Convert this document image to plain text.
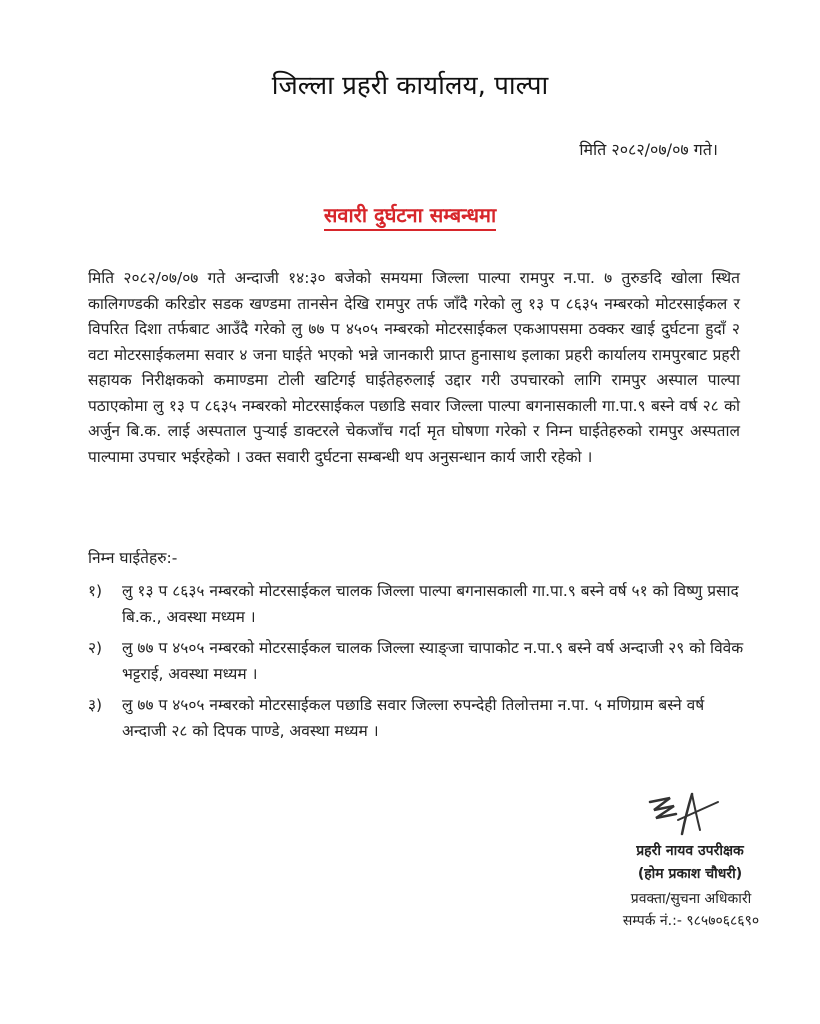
जिल्ला प्रहरी कार्यालय, पाल्पा
मिति २०८२/०७/०७ गते।
सवारी दुर्घटना सम्बन्धमा
मिति २०८२/०७/०७ गते अन्दाजी १४:३० बजेको समयमा जिल्ला पाल्पा रामपुर न.पा. ७ तुरुङदि खोला स्थित कालिगण्डकी करिडोर सडक खण्डमा तानसेन देखि रामपुर तर्फ जाँदै गरेको लु १३ प ८६३५ नम्बरको मोटरसाईकल र विपरित दिशा तर्फबाट आउँदै गरेको लु ७७ प ४५०५ नम्बरको मोटरसाईकल एकआपसमा ठक्कर खाई दुर्घटना हुदाँ २ वटा मोटरसाईकलमा सवार ४ जना घाईते भएको भन्ने जानकारी प्राप्त हुनासाथ इलाका प्रहरी कार्यालय रामपुरबाट प्रहरी सहायक निरीक्षकको कमाण्डमा टोली खटिगई घाईतेहरुलाई उद्दार गरी उपचारको लागि रामपुर अस्पाल पाल्पा पठाएकोमा लु १३ प ८६३५ नम्बरको मोटरसाईकल पछाडि सवार जिल्ला पाल्पा बगनासकाली गा.पा.९ बस्ने वर्ष २८ को अर्जुन बि.क. लाई अस्पताल पुऱ्याई डाक्टरले चेकजाँच गर्दा मृत घोषणा गरेको र निम्न घाईतेहरुको रामपुर अस्पताल पाल्पामा उपचार भईरहेको । उक्त सवारी दुर्घटना सम्बन्धी थप अनुसन्धान कार्य जारी रहेको ।
निम्न घाईतेहरु:-
१)	लु १३ प ८६३५ नम्बरको मोटरसाईकल चालक जिल्ला पाल्पा बगनासकाली गा.पा.९ बस्ने वर्ष ५१ को विष्णु प्रसाद बि.क., अवस्था मध्यम ।
२)	लु ७७ प ४५०५ नम्बरको मोटरसाईकल चालक जिल्ला स्याङ्जा चापाकोट न.पा.९ बस्ने वर्ष अन्दाजी २९ को विवेक भट्टराई, अवस्था मध्यम ।
३)	लु ७७ प ४५०५ नम्बरको मोटरसाईकल पछाडि सवार जिल्ला रुपन्देही तिलोत्तमा न.पा. ५ मणिग्राम बस्ने वर्ष अन्दाजी २८ को दिपक पाण्डे, अवस्था मध्यम ।
प्रहरी नायव उपरीक्षक
(होम प्रकाश चौधरी)
प्रवक्ता/सुचना अधिकारी
सम्पर्क नं.:- ९८५७०६८६९०
